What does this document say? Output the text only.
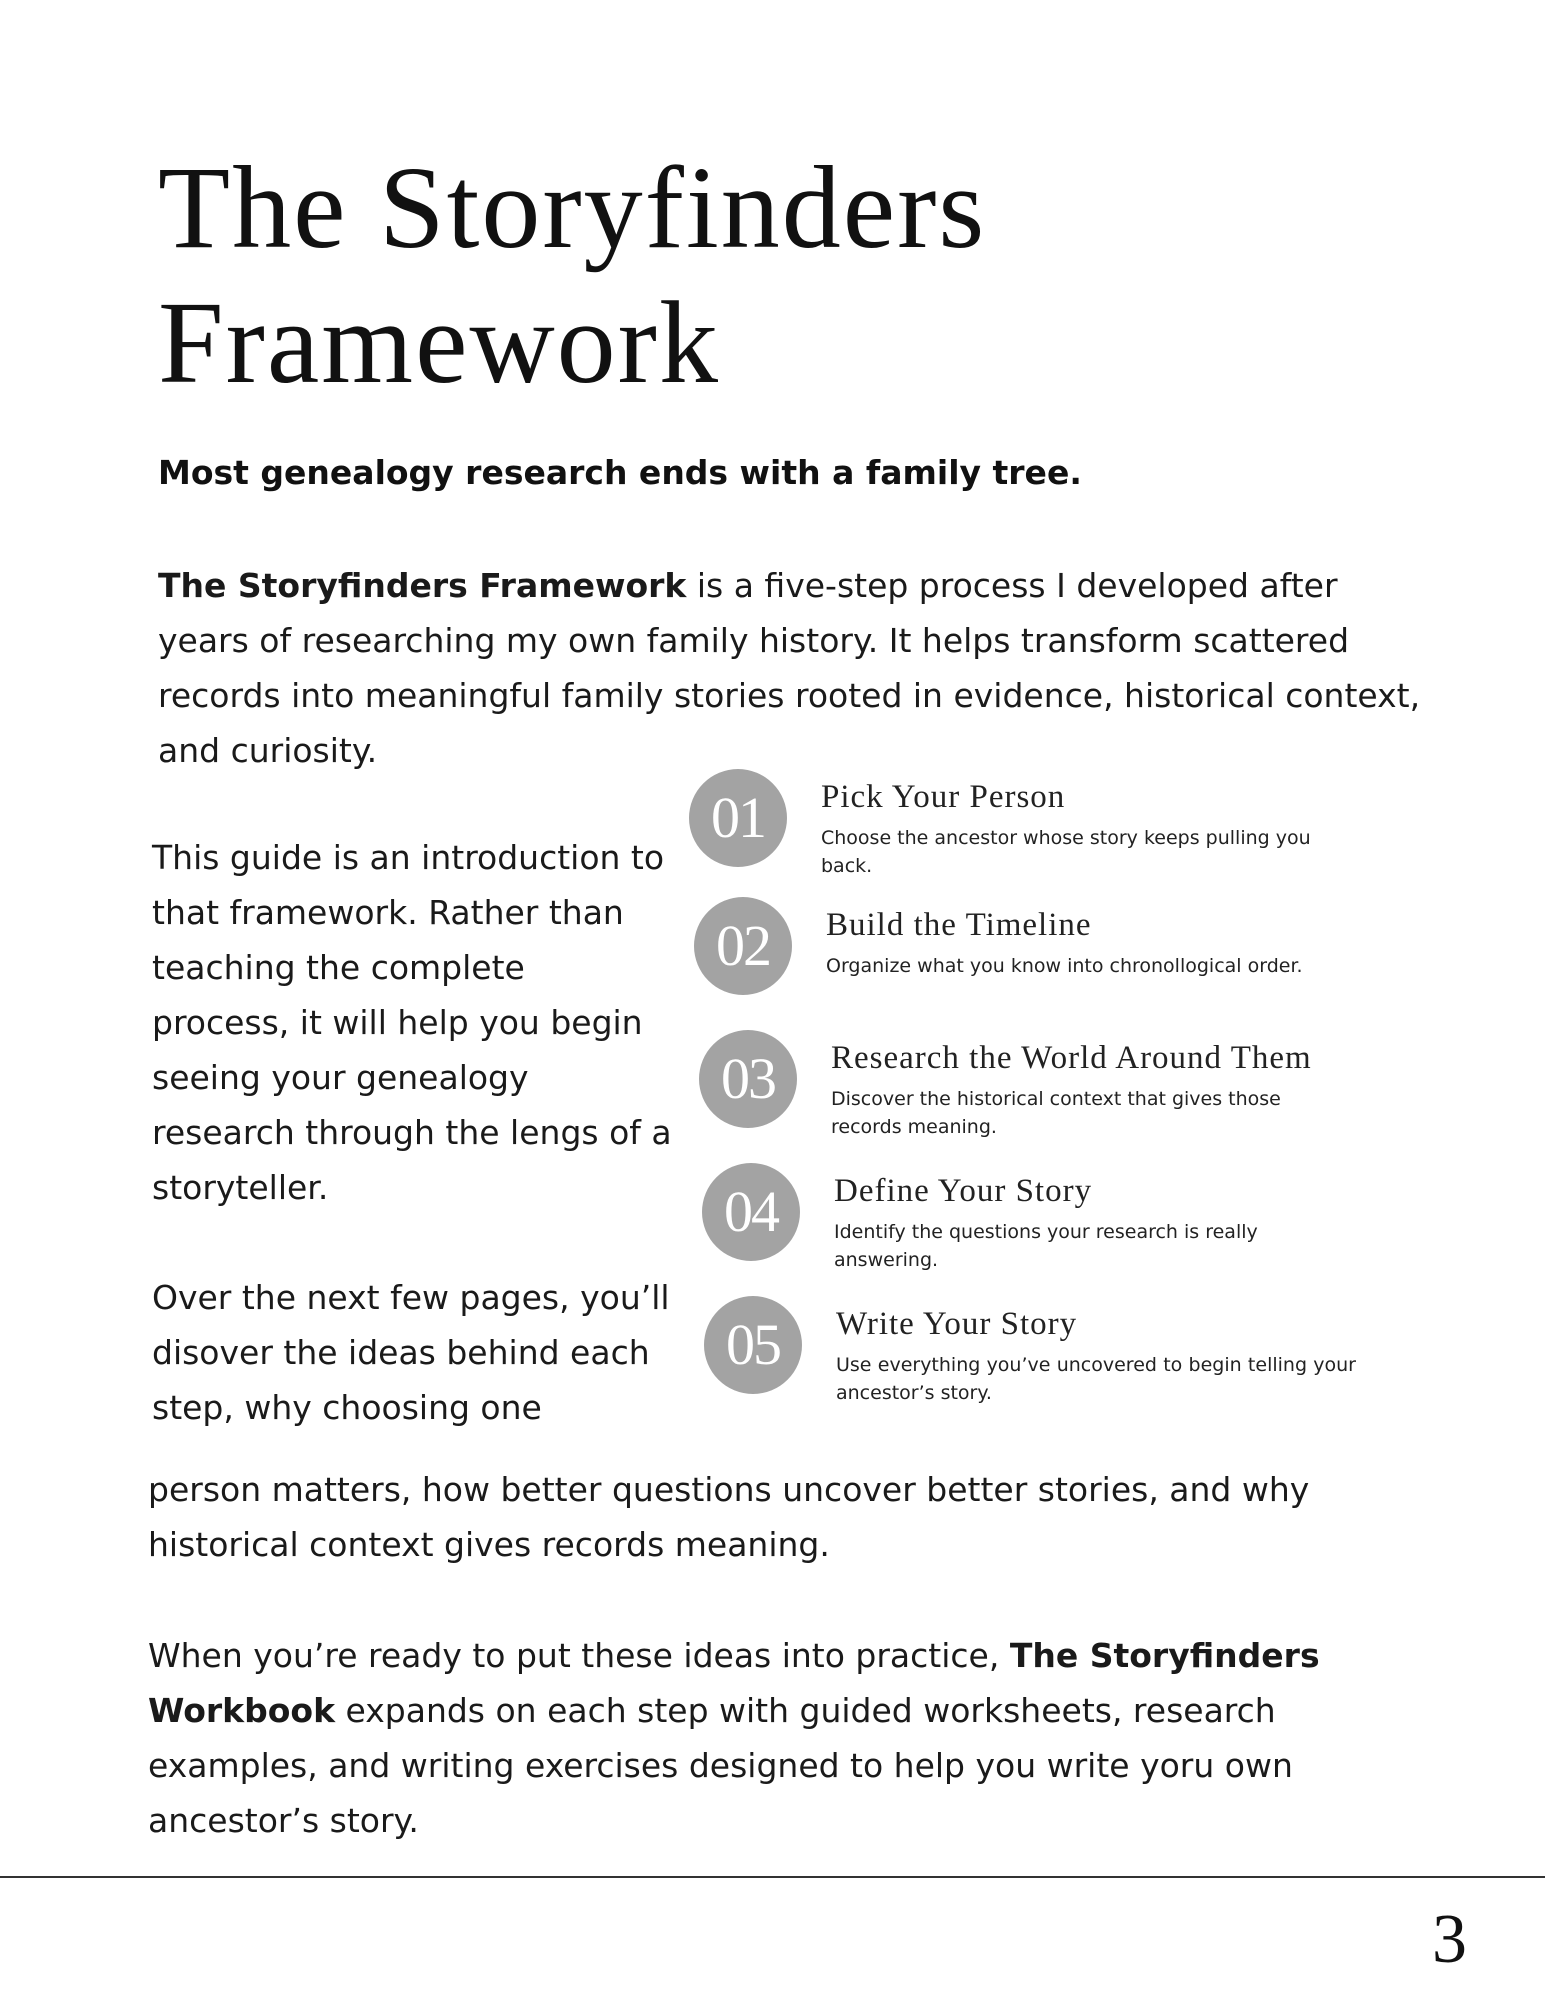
The Storyfinders
Framework

Most genealogy research ends with a family tree.

The Storyfinders Framework is a five-step process I developed after years of researching my own family history. It helps transform scattered records into meaningful family stories rooted in evidence, historical context, and curiosity.

This guide is an introduction to that framework. Rather than teaching the complete process, it will help you begin seeing your genealogy research through the lengs of a storyteller.

Over the next few pages, you’ll disover the ideas behind each step, why choosing one

01	Pick Your Person
Choose the ancestor whose story keeps pulling you back.
02	Build the Timeline
Organize what you know into chronollogical order.
03	Research the World Around Them
Discover the historical context that gives those records meaning.
04	Define Your Story
Identify the questions your research is really answering.
05	Write Your Story
Use everything you’ve uncovered to begin telling your ancestor’s story.

person matters, how better questions uncover better stories, and why historical context gives records meaning.

When you’re ready to put these ideas into practice, The Storyfinders Workbook expands on each step with guided worksheets, research examples, and writing exercises designed to help you write yoru own ancestor’s story.

3
